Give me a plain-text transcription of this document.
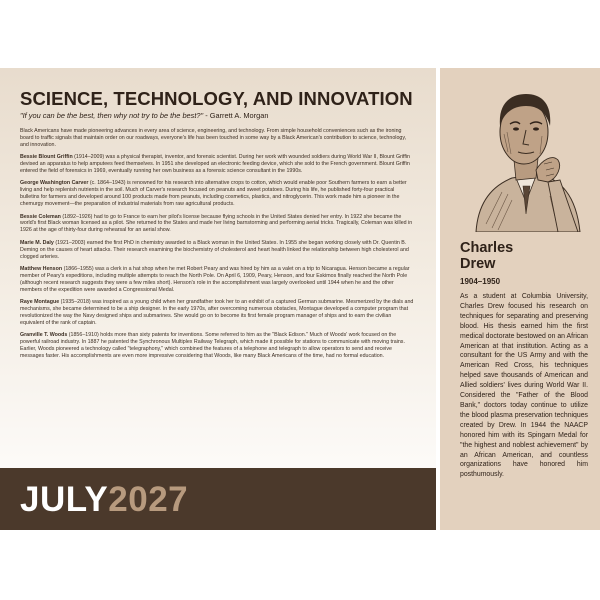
SCIENCE, TECHNOLOGY, AND INNOVATION
"If you can be the best, then why not try to be the best?" - Garrett A. Morgan

Black Americans have made pioneering advances in every area of science, engineering, and technology. From simple household conveniences such as the ironing board to traffic signals that maintain order on our roadways, everyone's life has been touched in some way by a Black American's contribution to science, technology, and innovation.

Bessie Blount Griffin (1914–2009) was a physical therapist, inventor, and forensic scientist. During her work with wounded soldiers during World War II, Blount Griffin devised an apparatus to help amputees feed themselves. In 1951 she developed an electronic feeding device, which she sold to the French government. Blount Griffin entered the field of forensics in 1969, eventually running her own business as a forensic science consultant in the 1990s.

George Washington Carver (c. 1864–1943) is renowned for his research into alternative crops to cotton, which would enable poor Southern farmers to earn a better living and help replenish nutrients in the soil. Much of Carver's research focused on peanuts and sweet potatoes. During his life, he published forty-four practical bulletins for farmers and developed around 100 products made from peanuts, including cosmetics, plastics, and nitroglycerin. This work made him a pioneer in the chemurgy movement—the preparation of industrial materials from raw agricultural products.

Bessie Coleman (1892–1926) had to go to France to earn her pilot's license because flying schools in the United States denied her entry. In 1922 she became the world's first Black woman licensed as a pilot. She returned to the States and made her living barnstorming and performing aerial tricks. Tragically, Coleman was killed in 1926 at the age of thirty-four during rehearsal for an aerial show.

Marie M. Daly (1921–2003) earned the first PhD in chemistry awarded to a Black woman in the United States. In 1955 she began working closely with Dr. Quentin B. Deming on the causes of heart attacks. Their research examining the biochemistry of cholesterol and heart health linked the relationship between high cholesterol and clogged arteries.

Matthew Henson (1866–1955) was a clerk in a hat shop when he met Robert Peary and was hired by him as a valet on a trip to Nicaragua. Henson became a regular member of Peary's expeditions, including multiple attempts to reach the North Pole. On April 6, 1909, Peary, Henson, and four Eskimos finally reached the North Pole (although recent research suggests they were a few miles short). Henson's role in the accomplishment was largely overlooked until 1944 when he and the other members of the expedition were awarded a Congressional Medal.

Raye Montague (1935–2018) was inspired as a young child when her grandfather took her to an exhibit of a captured German submarine. Mesmerized by the dials and mechanisms, she became determined to be a ship designer. In the early 1970s, after overcoming numerous obstacles, Montague developed a computer program that revolutionized the way the Navy designed ships and submarines. She would go on to become its first female program manager of ships and to earn the civilian equivalent of the rank of captain.

Granville T. Woods (1856–1910) holds more than sixty patents for inventions. Some referred to him as the "Black Edison." Much of Woods' work focused on the powerful railroad industry. In 1887 he patented the Synchronous Multiplex Railway Telegraph, which made it possible for stations to communicate with moving trains. Earlier, Woods pioneered a technology called "telegraphony," which combined the features of a telephone and telegraph to allow operators to send and receive messages faster. His accomplishments are even more impressive considering that Woods, like many Black Americans of the time, had no formal education.

JULY2027
Charles
Drew
1904–1950
As a student at Columbia University, Charles Drew focused his research on techniques for separating and preserving blood. His thesis earned him the first medical doctorate bestowed on an African American at that institution. Acting as a consultant for the US Army and with the American Red Cross, his techniques helped save thousands of American and Allied soldiers' lives during World War II. Considered the "Father of the Blood Bank," doctors today continue to utilize the blood plasma preservation techniques created by Drew. In 1944 the NAACP honored him with its Spingarn Medal for "the highest and noblest achievement" by an African American, and countless organizations have honored him posthumously.
